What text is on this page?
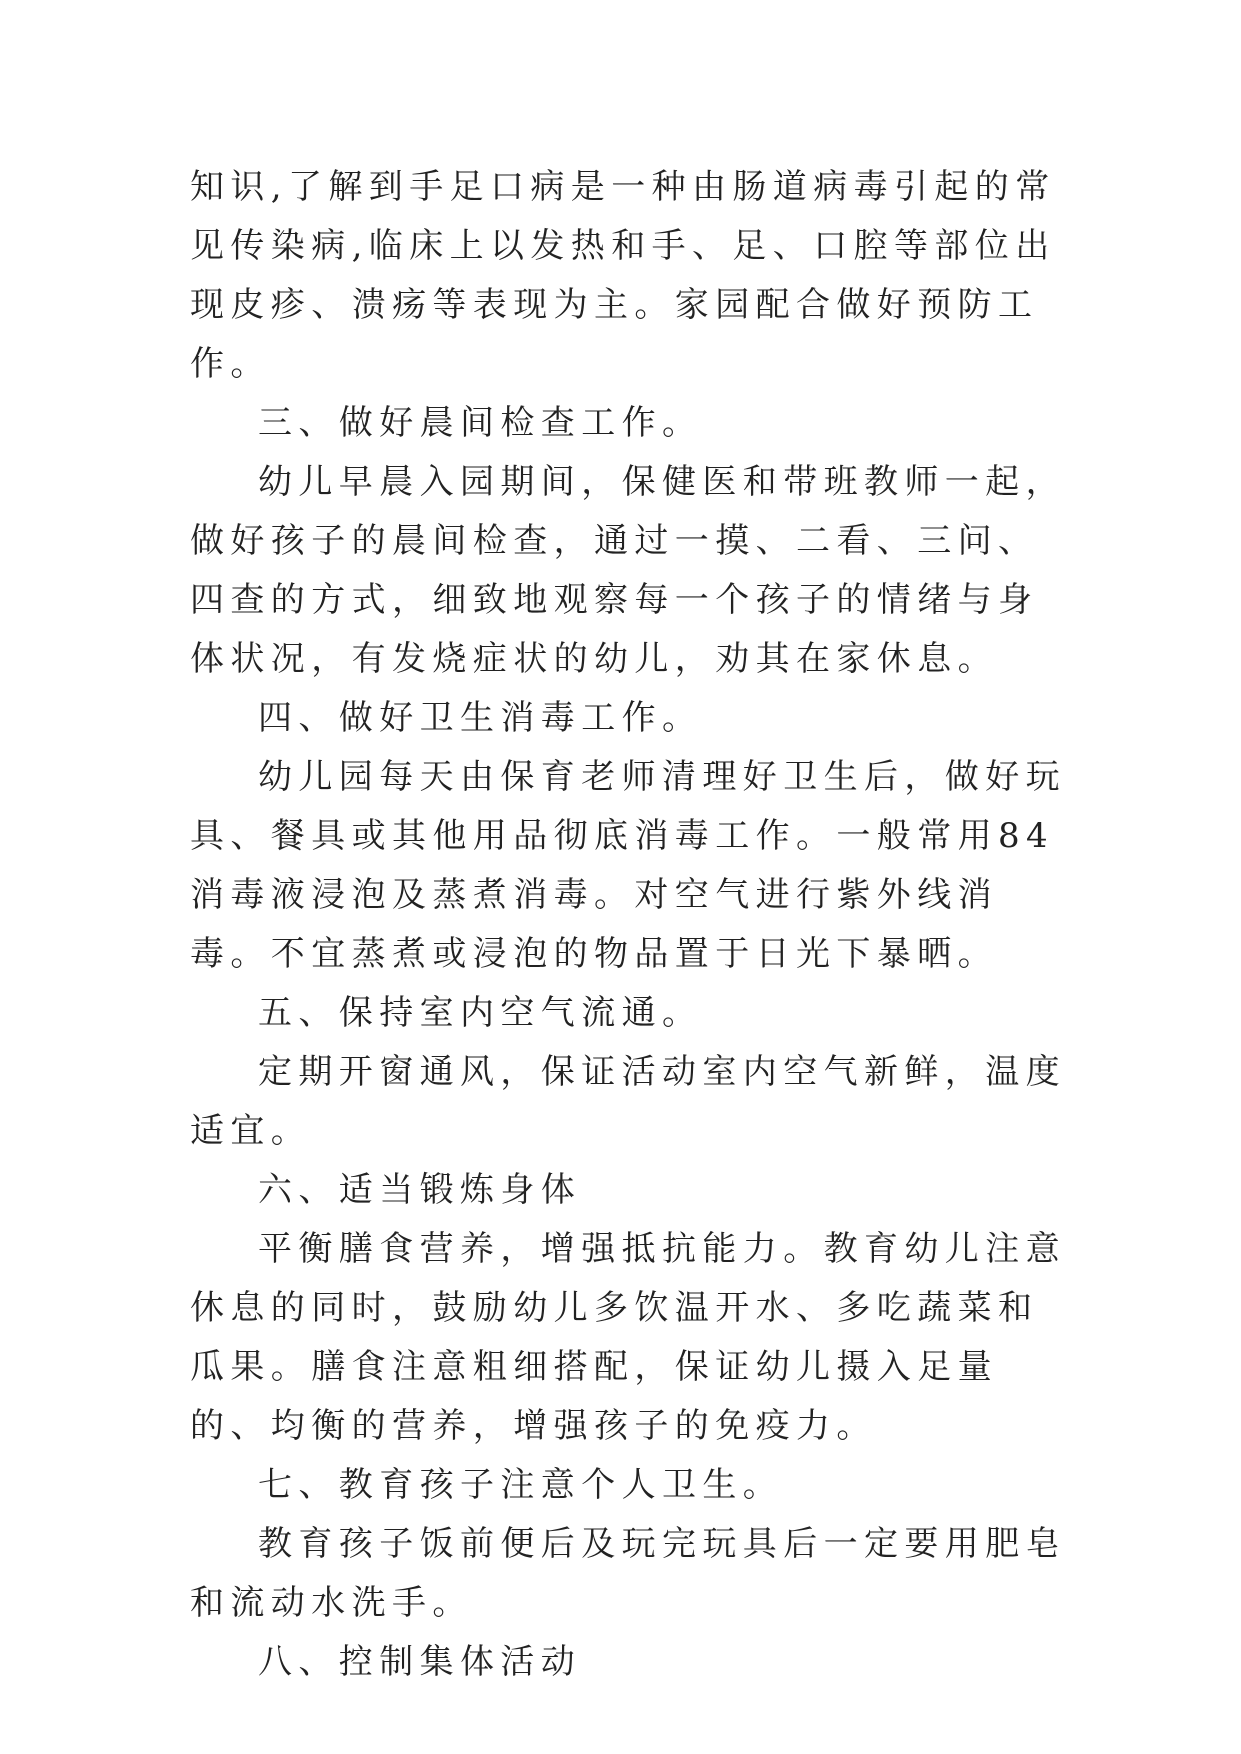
知识,了解到手足口病是一种由肠道病毒引起的常见传染病,临床上以发热和手、足、口腔等部位出现皮疹、溃疡等表现为主。家园配合做好预防工作。

三、做好晨间检查工作。

幼儿早晨入园期间，保健医和带班教师一起，做好孩子的晨间检查，通过一摸、二看、三问、四查的方式，细致地观察每一个孩子的情绪与身体状况，有发烧症状的幼儿，劝其在家休息。

四、做好卫生消毒工作。

幼儿园每天由保育老师清理好卫生后，做好玩具、餐具或其他用品彻底消毒工作。一般常用84消毒液浸泡及蒸煮消毒。对空气进行紫外线消毒。不宜蒸煮或浸泡的物品置于日光下暴晒。

五、保持室内空气流通。

定期开窗通风，保证活动室内空气新鲜，温度适宜。

六、适当锻炼身体

平衡膳食营养，增强抵抗能力。教育幼儿注意休息的同时，鼓励幼儿多饮温开水、多吃蔬菜和瓜果。膳食注意粗细搭配，保证幼儿摄入足量的、均衡的营养，增强孩子的免疫力。

七、教育孩子注意个人卫生。

教育孩子饭前便后及玩完玩具后一定要用肥皂和流动水洗手。

八、控制集体活动
